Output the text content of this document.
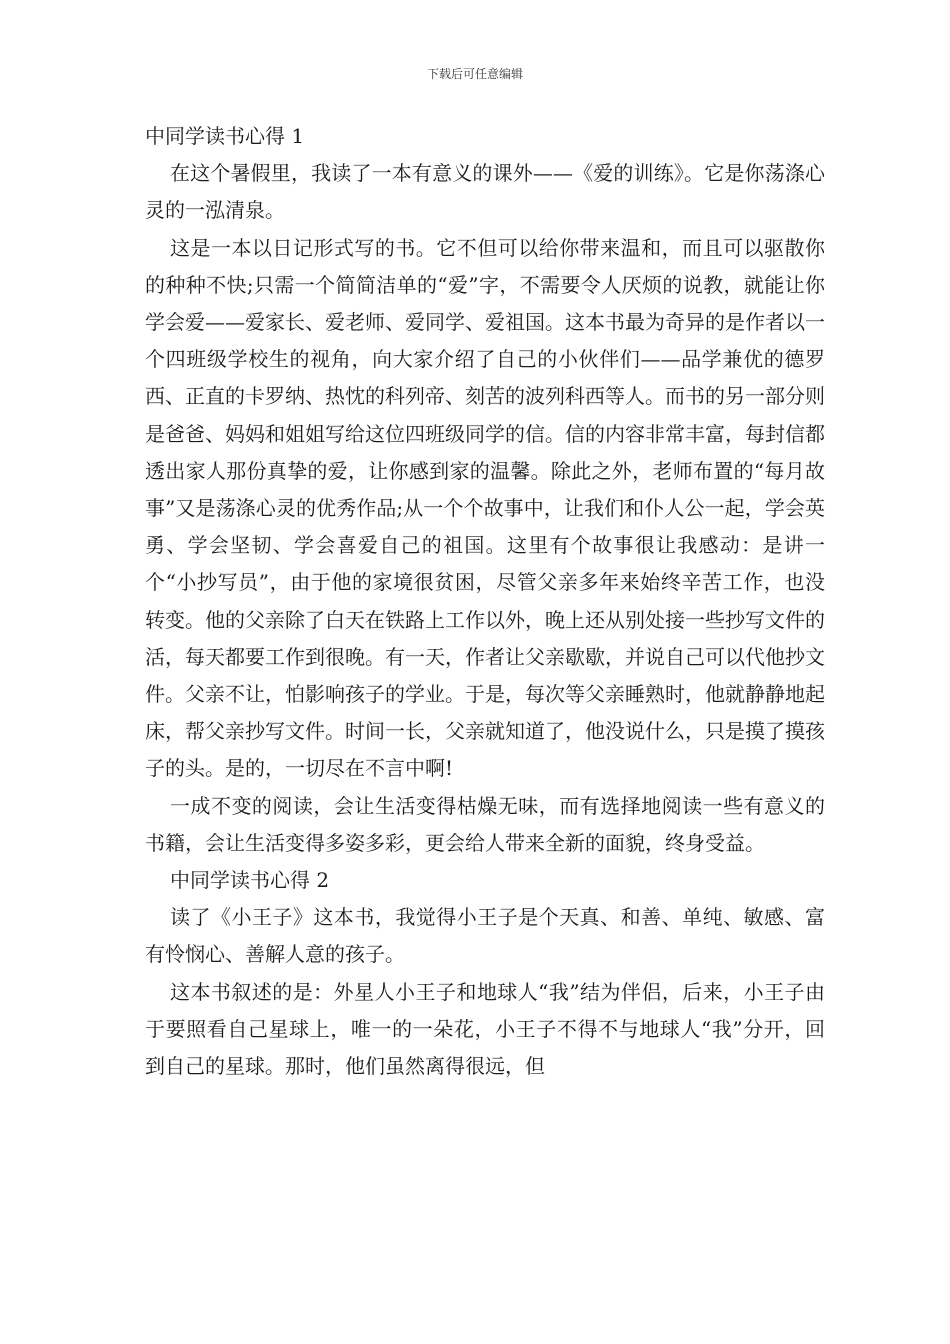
下载后可任意编辑
中同学读书心得 1

在这个暑假里，我读了一本有意义的课外——《爱的训练》。它是你荡涤心灵的一泓清泉。

这是一本以日记形式写的书。它不但可以给你带来温和，而且可以驱散你的种种不快;只需一个简简洁单的“爱”字，不需要令人厌烦的说教，就能让你学会爱——爱家长、爱老师、爱同学、爱祖国。这本书最为奇异的是作者以一个四班级学校生的视角，向大家介绍了自己的小伙伴们——品学兼优的德罗西、正直的卡罗纳、热忱的科列帝、刻苦的波列科西等人。而书的另一部分则是爸爸、妈妈和姐姐写给这位四班级同学的信。信的内容非常丰富，每封信都透出家人那份真挚的爱，让你感到家的温馨。除此之外，老师布置的“每月故事”又是荡涤心灵的优秀作品;从一个个故事中，让我们和仆人公一起，学会英勇、学会坚韧、学会喜爱自己的祖国。这里有个故事很让我感动：是讲一个“小抄写员”，由于他的家境很贫困，尽管父亲多年来始终辛苦工作，也没转变。他的父亲除了白天在铁路上工作以外，晚上还从别处接一些抄写文件的活，每天都要工作到很晚。有一天，作者让父亲歇歇，并说自己可以代他抄文件。父亲不让，怕影响孩子的学业。于是，每次等父亲睡熟时，他就静静地起床，帮父亲抄写文件。时间一长，父亲就知道了，他没说什么，只是摸了摸孩子的头。是的，一切尽在不言中啊!

一成不变的阅读，会让生活变得枯燥无味，而有选择地阅读一些有意义的书籍，会让生活变得多姿多彩，更会给人带来全新的面貌，终身受益。

中同学读书心得 2

读了《小王子》这本书，我觉得小王子是个天真、和善、单纯、敏感、富有怜悯心、善解人意的孩子。

这本书叙述的是：外星人小王子和地球人“我”结为伴侣，后来，小王子由于要照看自己星球上，唯一的一朵花，小王子不得不与地球人“我”分开，回到自己的星球。那时，他们虽然离得很远，但
